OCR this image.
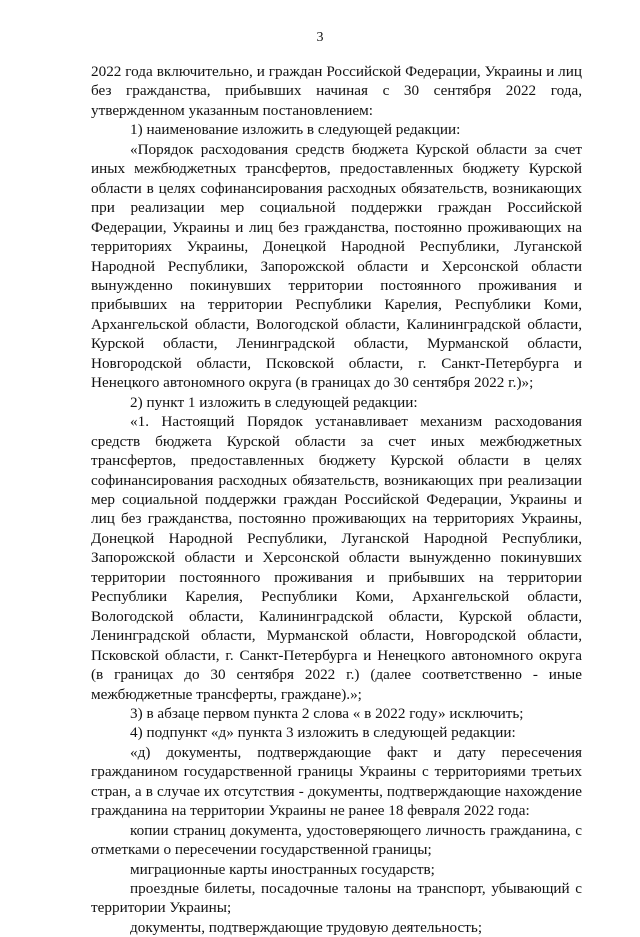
3

2022 года включительно, и граждан Российской Федерации, Украины и лиц без гражданства, прибывших начиная с 30 сентября 2022 года, утвержденном указанным постановлением:

1) наименование изложить в следующей редакции:

«Порядок расходования средств бюджета Курской области за счет иных межбюджетных трансфертов, предоставленных бюджету Курской области в целях софинансирования расходных обязательств, возникающих при реализации мер социальной поддержки граждан Российской Федерации, Украины и лиц без гражданства, постоянно проживающих на территориях Украины, Донецкой Народной Республики, Луганской Народной Республики, Запорожской области и Херсонской области вынужденно покинувших территории постоянного проживания и прибывших на территории Республики Карелия, Республики Коми, Архангельской области, Вологодской области, Калининградской области, Курской области, Ленинградской области, Мурманской области, Новгородской области, Псковской области, г. Санкт-Петербурга и Ненецкого автономного округа (в границах до 30 сентября 2022 г.)»;

2) пункт 1 изложить в следующей редакции:

«1. Настоящий Порядок устанавливает механизм расходования средств бюджета Курской области за счет иных межбюджетных трансфертов, предоставленных бюджету Курской области в целях софинансирования расходных обязательств, возникающих при реализации мер социальной поддержки граждан Российской Федерации, Украины и лиц без гражданства, постоянно проживающих на территориях Украины, Донецкой Народной Республики, Луганской Народной Республики, Запорожской области и Херсонской области вынужденно покинувших территории постоянного проживания и прибывших на территории Республики Карелия, Республики Коми, Архангельской области, Вологодской области, Калининградской области, Курской области, Ленинградской области, Мурманской области, Новгородской области, Псковской области, г. Санкт-Петербурга и Ненецкого автономного округа (в границах до 30 сентября 2022 г.) (далее соответственно - иные межбюджетные трансферты, граждане).»;

3) в абзаце первом пункта 2 слова « в 2022 году» исключить;

4) подпункт «д» пункта 3 изложить в следующей редакции:

«д) документы, подтверждающие факт и дату пересечения гражданином государственной границы Украины с территориями третьих стран, а в случае их отсутствия - документы, подтверждающие нахождение гражданина на территории Украины не ранее 18 февраля 2022 года:

копии страниц документа, удостоверяющего личность гражданина, с отметками о пересечении государственной границы;

миграционные карты иностранных государств;

проездные билеты, посадочные талоны на транспорт, убывающий с территории Украины;

документы, подтверждающие трудовую деятельность;
